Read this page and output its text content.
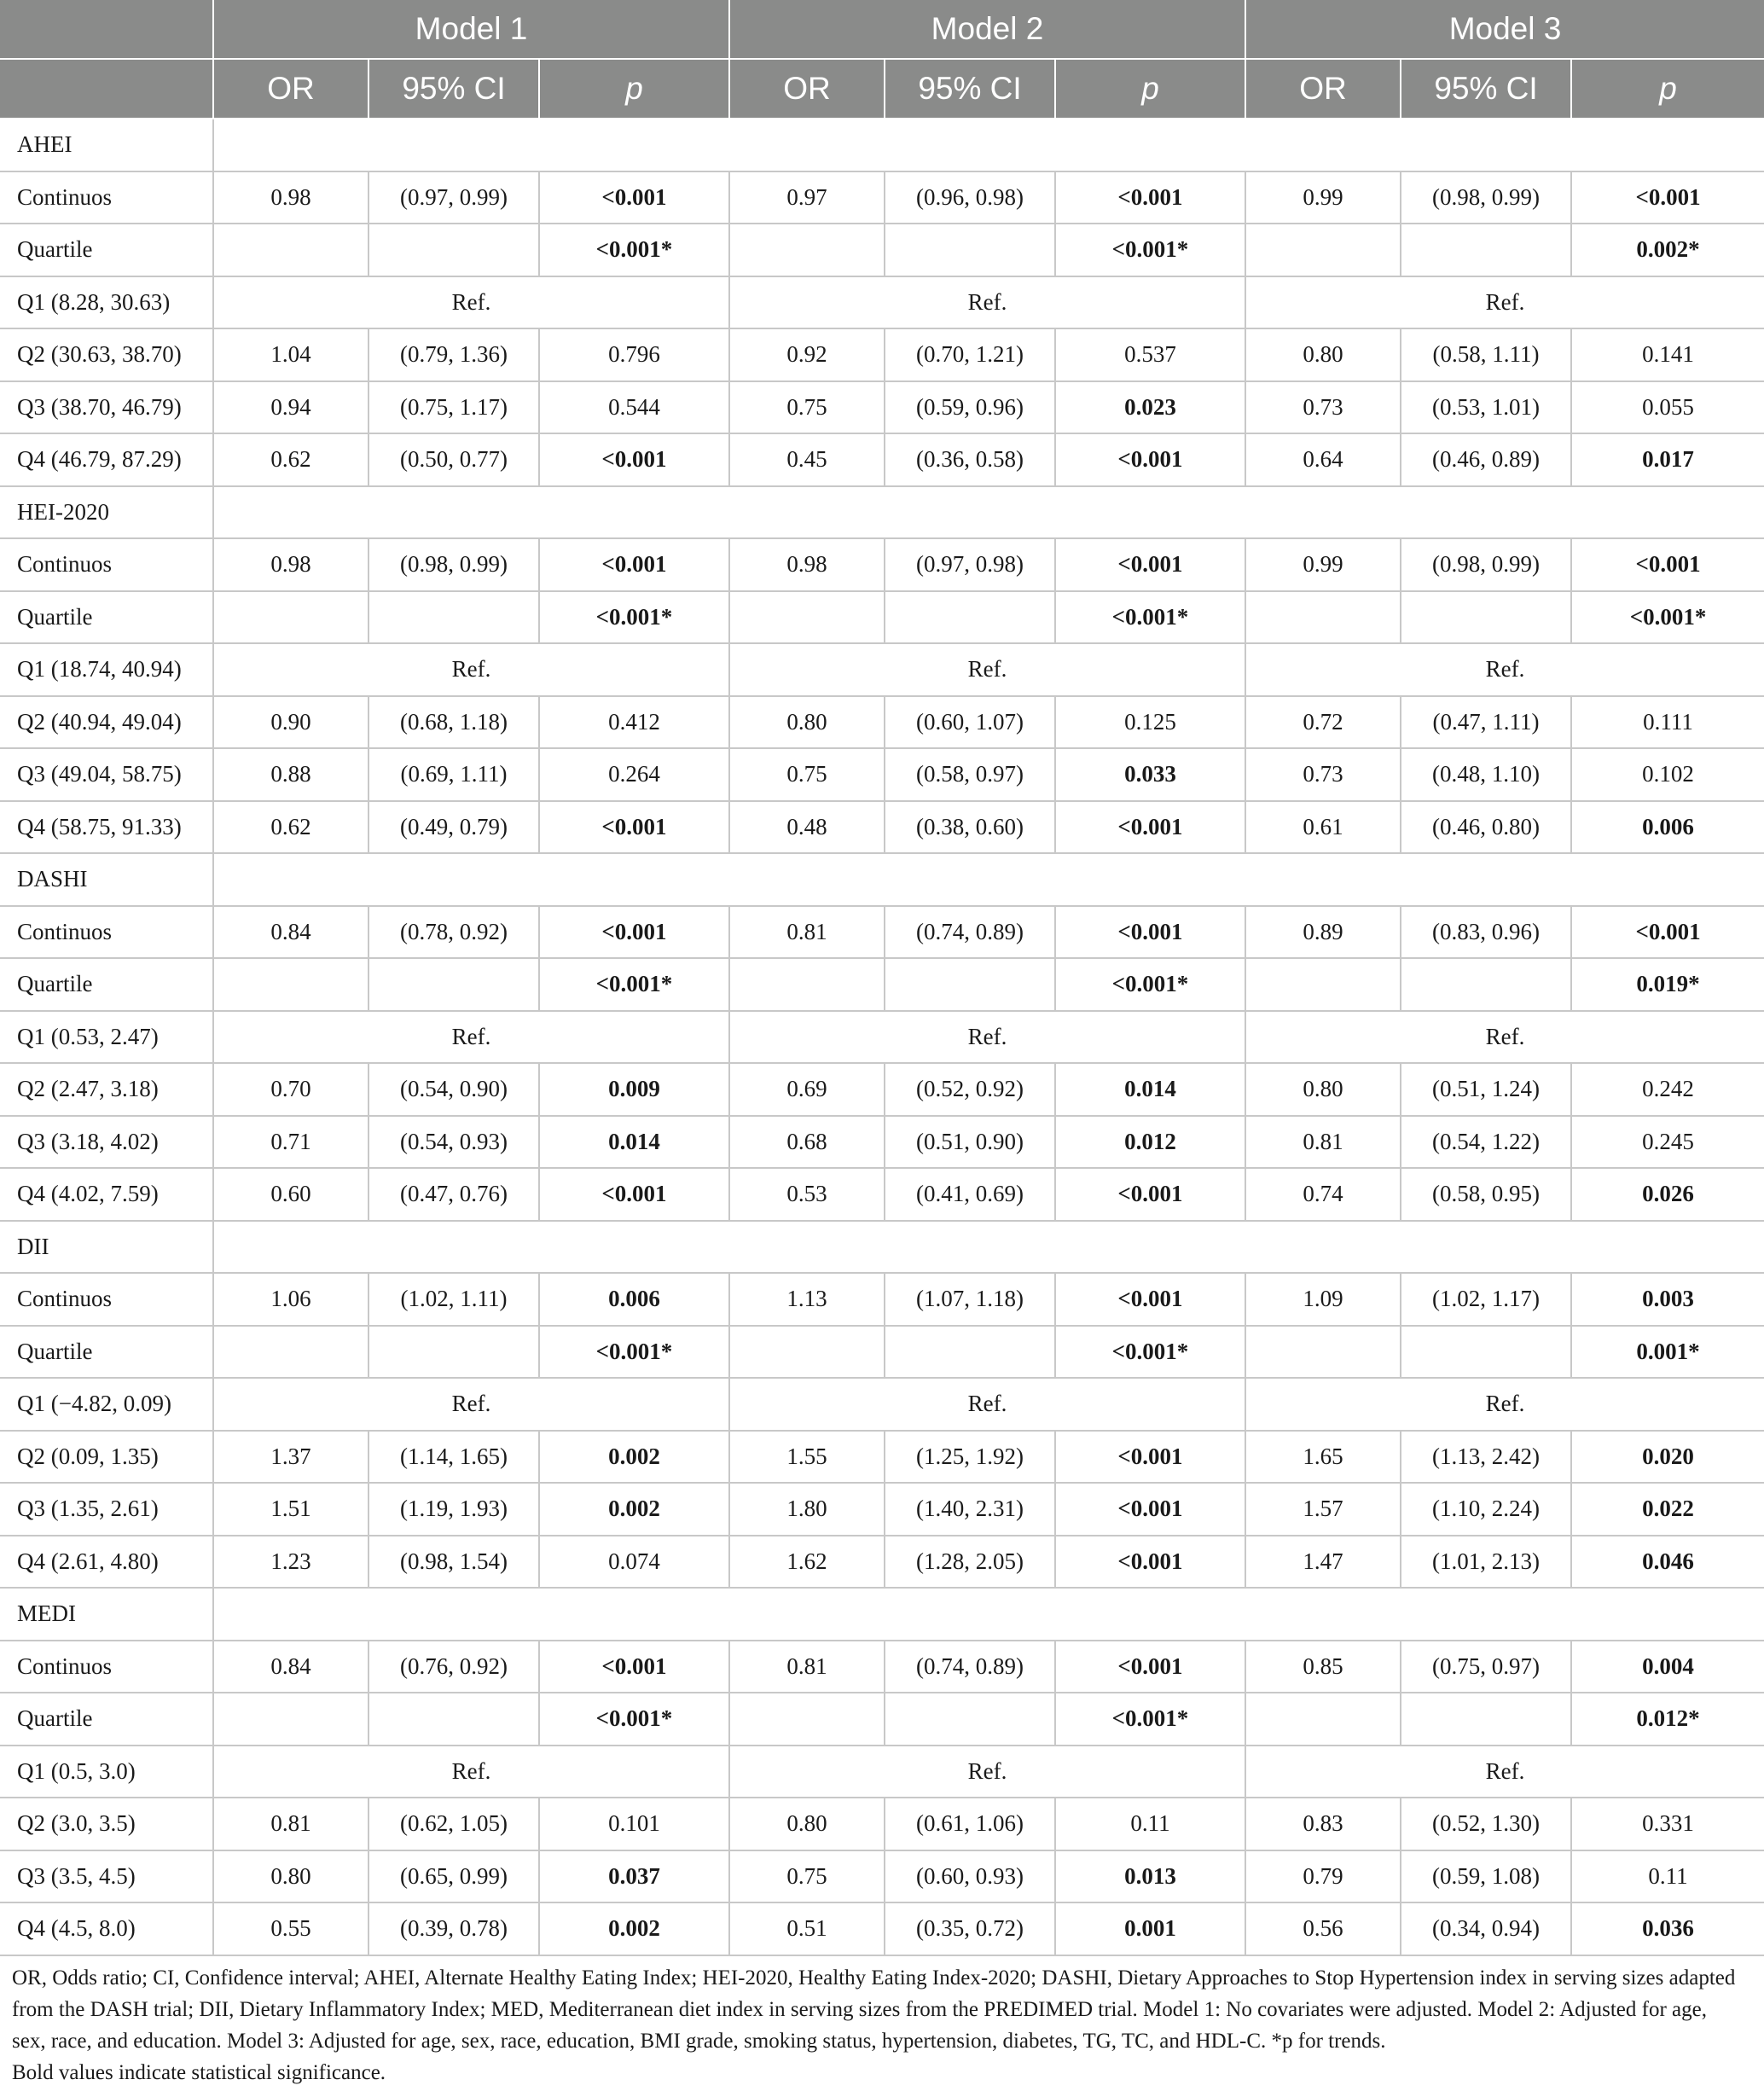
	Model 1			Model 2			Model 3		
	OR	95% CI	p	OR	95% CI	p	OR	95% CI	p
AHEI									
Continuos	0.98	(0.97, 0.99)	<0.001	0.97	(0.96, 0.98)	<0.001	0.99	(0.98, 0.99)	<0.001
Quartile			<0.001*			<0.001*			0.002*
Q1 (8.28, 30.63)	Ref.			Ref.			Ref.		
Q2 (30.63, 38.70)	1.04	(0.79, 1.36)	0.796	0.92	(0.70, 1.21)	0.537	0.80	(0.58, 1.11)	0.141
Q3 (38.70, 46.79)	0.94	(0.75, 1.17)	0.544	0.75	(0.59, 0.96)	0.023	0.73	(0.53, 1.01)	0.055
Q4 (46.79, 87.29)	0.62	(0.50, 0.77)	<0.001	0.45	(0.36, 0.58)	<0.001	0.64	(0.46, 0.89)	0.017
HEI-2020									
Continuos	0.98	(0.98, 0.99)	<0.001	0.98	(0.97, 0.98)	<0.001	0.99	(0.98, 0.99)	<0.001
Quartile			<0.001*			<0.001*			<0.001*
Q1 (18.74, 40.94)	Ref.			Ref.			Ref.		
Q2 (40.94, 49.04)	0.90	(0.68, 1.18)	0.412	0.80	(0.60, 1.07)	0.125	0.72	(0.47, 1.11)	0.111
Q3 (49.04, 58.75)	0.88	(0.69, 1.11)	0.264	0.75	(0.58, 0.97)	0.033	0.73	(0.48, 1.10)	0.102
Q4 (58.75, 91.33)	0.62	(0.49, 0.79)	<0.001	0.48	(0.38, 0.60)	<0.001	0.61	(0.46, 0.80)	0.006
DASHI									
Continuos	0.84	(0.78, 0.92)	<0.001	0.81	(0.74, 0.89)	<0.001	0.89	(0.83, 0.96)	<0.001
Quartile			<0.001*			<0.001*			0.019*
Q1 (0.53, 2.47)	Ref.			Ref.			Ref.		
Q2 (2.47, 3.18)	0.70	(0.54, 0.90)	0.009	0.69	(0.52, 0.92)	0.014	0.80	(0.51, 1.24)	0.242
Q3 (3.18, 4.02)	0.71	(0.54, 0.93)	0.014	0.68	(0.51, 0.90)	0.012	0.81	(0.54, 1.22)	0.245
Q4 (4.02, 7.59)	0.60	(0.47, 0.76)	<0.001	0.53	(0.41, 0.69)	<0.001	0.74	(0.58, 0.95)	0.026
DII									
Continuos	1.06	(1.02, 1.11)	0.006	1.13	(1.07, 1.18)	<0.001	1.09	(1.02, 1.17)	0.003
Quartile			<0.001*			<0.001*			0.001*
Q1 (−4.82, 0.09)	Ref.			Ref.			Ref.		
Q2 (0.09, 1.35)	1.37	(1.14, 1.65)	0.002	1.55	(1.25, 1.92)	<0.001	1.65	(1.13, 2.42)	0.020
Q3 (1.35, 2.61)	1.51	(1.19, 1.93)	0.002	1.80	(1.40, 2.31)	<0.001	1.57	(1.10, 2.24)	0.022
Q4 (2.61, 4.80)	1.23	(0.98, 1.54)	0.074	1.62	(1.28, 2.05)	<0.001	1.47	(1.01, 2.13)	0.046
MEDI									
Continuos	0.84	(0.76, 0.92)	<0.001	0.81	(0.74, 0.89)	<0.001	0.85	(0.75, 0.97)	0.004
Quartile			<0.001*			<0.001*			0.012*
Q1 (0.5, 3.0)	Ref.			Ref.			Ref.		
Q2 (3.0, 3.5)	0.81	(0.62, 1.05)	0.101	0.80	(0.61, 1.06)	0.11	0.83	(0.52, 1.30)	0.331
Q3 (3.5, 4.5)	0.80	(0.65, 0.99)	0.037	0.75	(0.60, 0.93)	0.013	0.79	(0.59, 1.08)	0.11
Q4 (4.5, 8.0)	0.55	(0.39, 0.78)	0.002	0.51	(0.35, 0.72)	0.001	0.56	(0.34, 0.94)	0.036

OR, Odds ratio; CI, Confidence interval; AHEI, Alternate Healthy Eating Index; HEI-2020, Healthy Eating Index-2020; DASHI, Dietary Approaches to Stop Hypertension index in serving sizes adapted from the DASH trial; DII, Dietary Inflammatory Index; MED, Mediterranean diet index in serving sizes from the PREDIMED trial. Model 1: No covariates were adjusted. Model 2: Adjusted for age, sex, race, and education. Model 3: Adjusted for age, sex, race, education, BMI grade, smoking status, hypertension, diabetes, TG, TC, and HDL-C. *p for trends.
Bold values indicate statistical significance.
